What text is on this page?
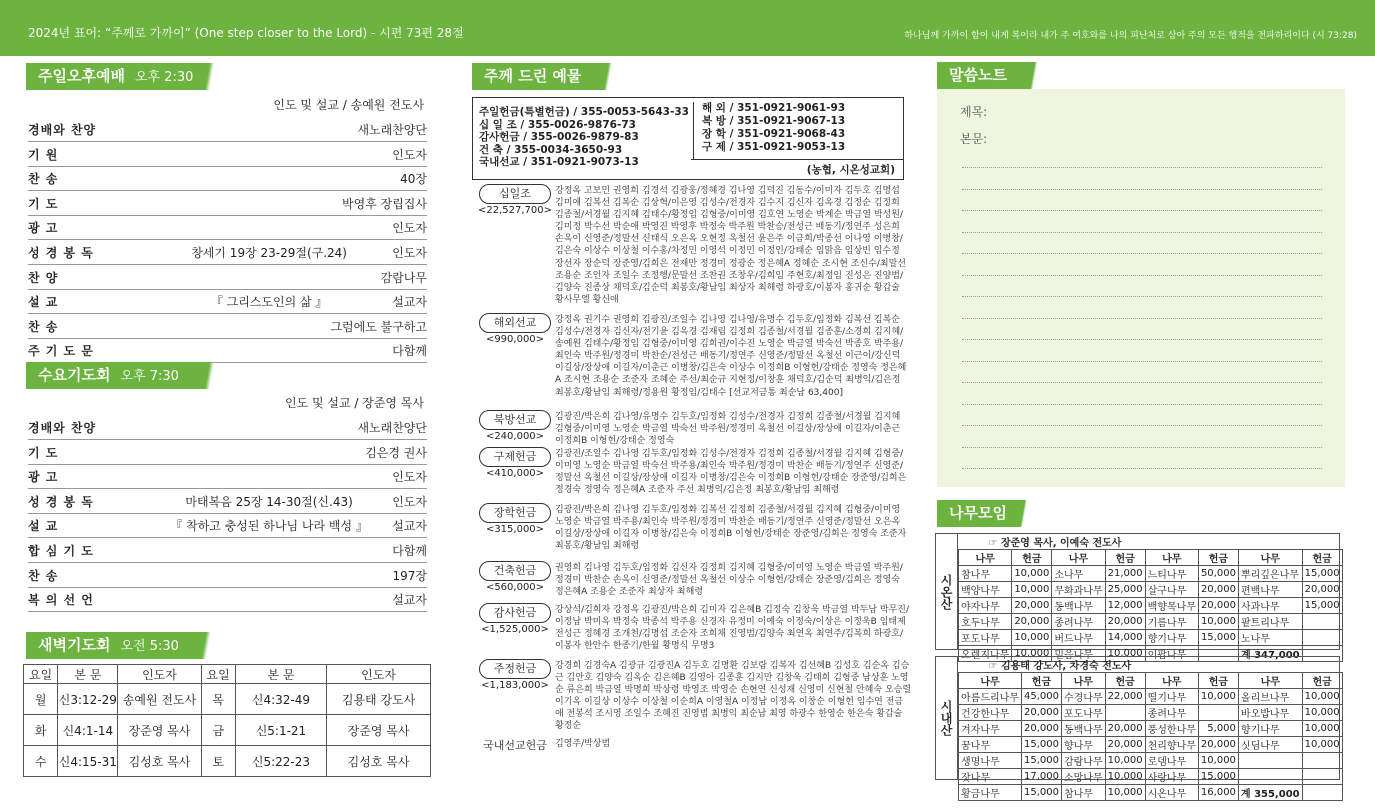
2024년 표어: “주께로 가까이” (One step closer to the Lord) - 시편 73편 28절	하나님께 가까이 함이 내게 복이라 내가 주 여호와를 나의 피난처로 삼아 주의 모든 행적을 전파하리이다 (시 73:28)
주일오후예배 오후 2:30
인도 및 설교 / 송예원 전도사
경배와 찬양	새노래찬양단
기 원	인도자
찬 송	40장
기 도	박영후 장립집사
광 고	인도자
성 경 봉 독	창세기 19장 23-29절(구.24)	인도자
찬 양	감람나무
설 교	『 그리스도인의 삶 』	설교자
찬 송	그럼에도 불구하고
주 기 도 문	다함께
수요기도회 오후 7:30
인도 및 설교 / 장준영 목사
경배와 찬양	새노래찬양단
기 도	김은경 권사
광 고	인도자
성 경 봉 독	마태복음 25장 14-30절(신.43)	인도자
설 교	『 착하고 충성된 하나님 나라 백성 』	설교자
합 심 기 도	다함께
찬 송	197장
복 의 선 언	설교자
새벽기도회 오전 5:30
요일	본 문	인도자	요일	본 문	인도자
월	신3:12-29	송예원 전도사	목	신4:32-49	김용태 강도사
화	신4:1-14	장준영 목사	금	신5:1-21	장준영 목사
수	신4:15-31	김성호 목사	토	신5:22-23	김성호 목사
주께 드린 예물
주일헌금(특별헌금) / 355-0053-5643-33
십 일 조 / 355-0026-9876-73
감사헌금 / 355-0026-9879-83
건 축 / 355-0034-3650-93
국내선교 / 351-0921-9073-13
해 외 / 351-0921-9061-93
복 방 / 351-0921-9067-13
장 학 / 351-0921-9068-43
구 제 / 351-0921-9053-13
(농협, 시온성교회)
십일조
<22,527,700>
강정옥 고보민 권영희 김경석 김광웅/정혜경 김나영 김덕진 김동수/이미자 김두호 김명섭 김미애 김복선 김복순 김상혁/이은영 김성수/전경자 김수지 김신자 김옥경 김정순 김정희 김종철/서경월 김지혜 김태수/황정임 김형중/이미영 김호연 노영순 박계순 박금열 박성원/ 김미정 박수선 박순애 박영진 박영후 박정숙 박주원 박찬승/전성근 배동기/정연주 성은희 손옥이 신영준/정말선 신태식 오은옥 오현정 옥철선 윤은주 이금희/박종선 이나영 이병창/ 김은숙 이상수 이상철 이수홍/차정민 이영석 이정민 이정인/강태순 임맑음 임상빈 임수정 장선자 장순덕 장준영/김희은 전재만 정경미 정광순 정은혜A 정혜순 조시현 조신수/최말선 조용순 조인자 조일수 조정행/문말선 조찬권 조창우/김희임 주현호/최정임 진성은 진양범/ 김양숙 진종상 채덕호/김순덕 최봉호/황남임 최상자 최해령 하광호/이봉자 홍귀순 황갑술 황사무엘 황신애
해외선교
<990,000>
강정옥 권기수 권영희 김광진/조일수 김나영 김나영/유명수 김두호/임정화 김복선 김복순 김성수/전경자 김신자/전기윤 김옥경 김재림 김정희 김종철/서경월 김종훈/소경희 김지혜/ 송예원 김태수/황정임 김형중/이미영 김희권/이수진 노영순 박금열 박숙선 박종호 박주용/ 최인숙 박주원/정경미 박찬순/전성근 배동기/정연주 신영준/정말선 옥철선 이근이/강신덕 이길상/장상애 이길자/이춘근 이병창/김은숙 이상수 이정희B 이형헌/강태순 정영숙 정은혜A 조시현 조용순 조준자 조혜순 주선/최순규 지현정/이창훈 채덕호/김순덕 최병익/김은정 최봉호/황남임 최해령/정용원 황정임/김태수 [선교저금통 최순남 63,400]
북방선교
<240,000>
김광진/박은희 김나영/유명수 김두호/임정화 김성수/전경자 김정희 김종철/서경월 김지혜 김형중/이미영 노영순 박금열 박숙선 박주원/정경미 옥철선 이길상/장상애 이길자/이춘근 이정희B 이형헌/강태순 정영숙
구제헌금
<410,000>
김광진/조일수 김나영 김두호/임정화 김성수/전경자 김정희 김종철/서경월 김지혜 김형중/ 이미영 노영순 박금열 박숙선 박주용/최인숙 박주원/정경미 박찬순 배동기/정연주 신영준/ 정말선 옥철선 이길상/장상애 이길자 이병창/김은숙 이정희B 이형헌/강태순 장준영/김희은 정경숙 정영숙 정은혜A 조준자 주선 최병익/김은정 최봉호/황남임 최해령
장학헌금
<315,000>
김광진/박은희 김나영 김두호/임정화 김복선 김정희 김종철/서경월 김지혜 김형중/이미영 노영순 박금열 박주용/최인숙 박주원/정경미 박찬순 배동기/정연주 신영준/정말선 오은옥 이길상/장상애 이길자 이병창/김은숙 이정희B 이형헌/강태순 장준영/김희은 정영숙 조준자 최봉호/황남임 최해령
건축헌금
<560,000>
권영희 김나영 김두호/임정화 김신자 김정희 김지혜 김형중/이미영 노영순 박금열 박주원/ 정경미 박찬순 손옥이 신영준/정말선 옥철선 이상수 이형헌/강태순 장준영/김희은 정영숙 정은혜A 조용순 조준자 최상자 최해령
감사헌금
<1,525,000>
강상석/김희자 강정옥 김광진/박은희 김미자 김은혜B 김정숙 김창욱 박금열 박두남 박무진/이정남 박미옥 박정숙 박종석 박주용 신경자 유정미 이예숙 이정숙/이상은 이정욱B 임태제 전성근 정혜경 조개천/김명섭 조순자 조희채 진영범/김양숙 최연옥 최연주/김복희 하광호/이봉자 한안수 한종기/한월 황명식 무명3
주정헌금
<1,183,000>
강경희 김경숙A 김광규 김광진A 김두호 김명환 김보람 김복자 김선혜B 김성호 김순옥 김승근 김안호 김양숙 김옥순 김은혜B 김영아 김종훈 김지만 김창욱 김태희 김형중 남상훈 노영순 류은희 박금열 박명희 박상령 박영조 박영순 손현연 신성재 신영미 신현철 안혜숙 오승렬 이기옥 이길상 이상수 이상철 이순희A 이영철A 이정남 이정옥 이창순 이형헌 임수연 전금애 전봉석 조시영 조일수 조혜진 진영범 최병익 최순남 최영 하광수 한영순 한은숙 황갑술 황정순
국내선교헌금 김영주/박상범
말씀노트
제목:
본문:
나무모임
시온산
☞ 장준영 목사, 이예숙 전도사							
나무	헌금	나무	헌금	나무	헌금	나무	헌금
참나무	10,000	소나무	21,000	느티나무	50,000	뿌리깊은나무	15,000
백양나무	10,000	무화과나무	25,000	살구나무	20,000	편백나무	20,000
야자나무	20,000	동백나무	12,000	백향목나무	20,000	사과나무	15,000
호두나무	20,000	종려나무	20,000	기름나무	10,000	팥트리나무	
포도나무	10,000	버드나무	14,000	향기나무	15,000	노나무	
오렌지나무	10,000	믿음나무	10,000	이팝나무		계 347,000	
시내산
☞ 김용태 강도사, 차경숙 전도사							
나무	헌금	나무	헌금	나무	헌금	나무	헌금
아름드리나무	45,000	수경나무	22,000	떨기나무	10,000	올리브나무	10,000
건강한나무	20,000	포도나무		종려나무		바오밥나무	10,000
겨자나무	20,000	동백나무	20,000	풍성한나무	5,000	향기나무	10,000
꿈나무	15,000	향나무	20,000	천리향나무	20,000	싯딤나무	10,000
생명나무	15,000	감람나무	10,000	로뎀나무	10,000		
잣나무	17,000	소망나무	10,000	사랑나무	15,000		
황금나무	15,000	참나무	10,000	시온나무	16,000	계 355,000	
